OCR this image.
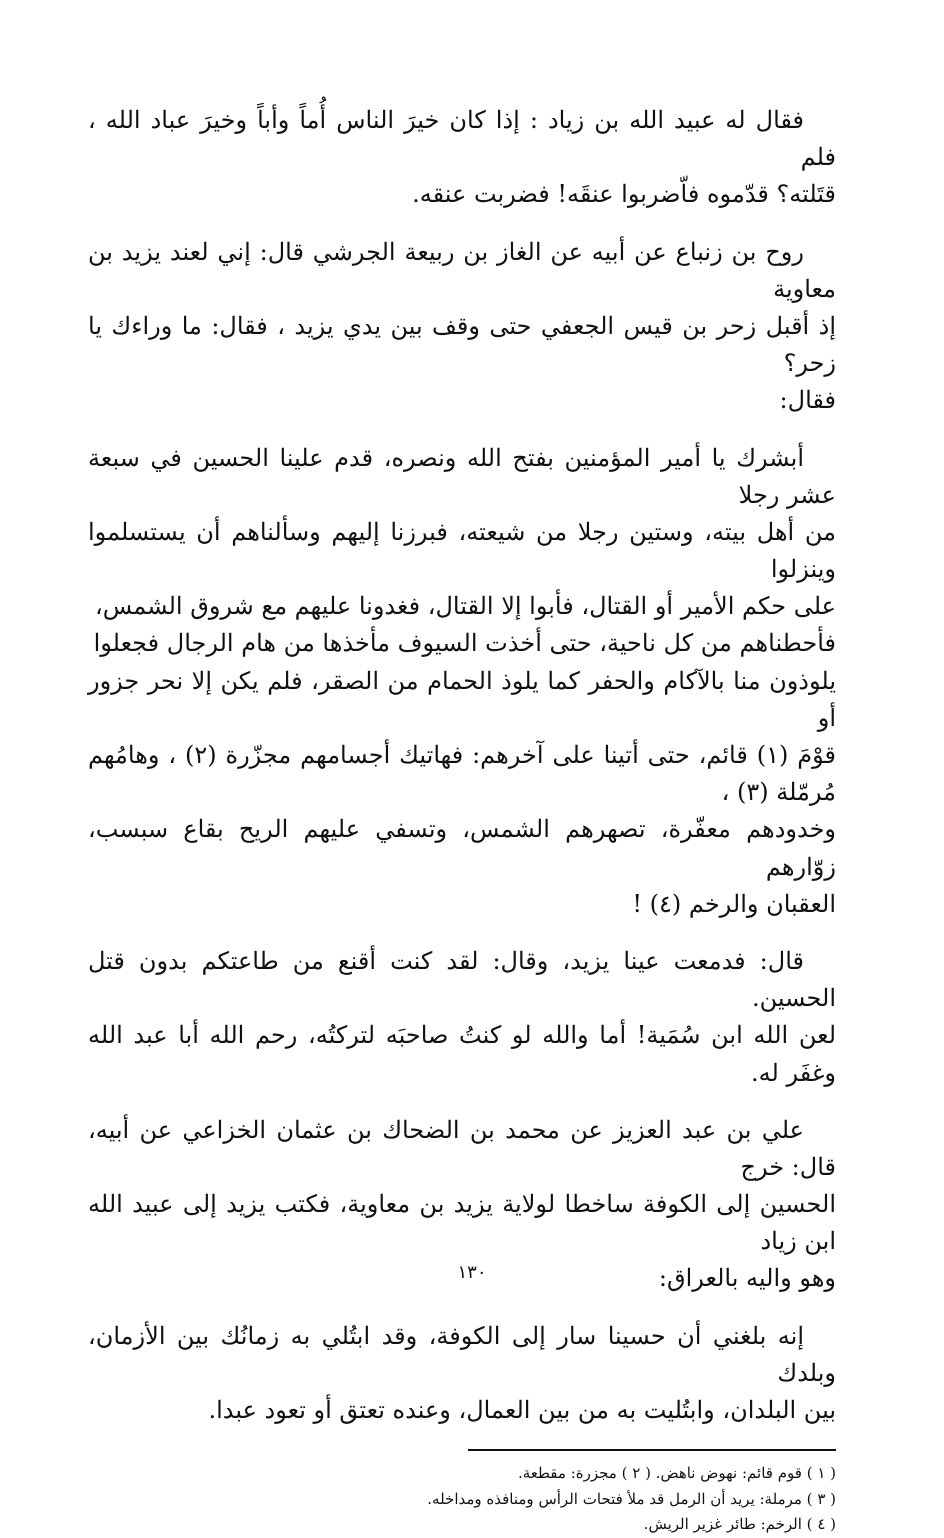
فقال له عبيد الله بن زياد : إذا كان خيرَ الناس أُماً وأباً وخيرَ عباد الله ، فلم
قتَلته؟ قدّموه فاّضربوا عنقَه! فضربت عنقه.

روح بن زنباع عن أبيه عن الغاز بن ربيعة الجرشي قال: إني لعند يزيد بن معاوية
إذ أقبل زحر بن قيس الجعفي حتى وقف بين يدي يزيد ، فقال: ما وراءك يا زحر؟
فقال:

أبشرك يا أمير المؤمنين بفتح الله ونصره، قدم علينا الحسين في سبعة عشر رجلا
من أهل بيته، وستين رجلا من شيعته، فبرزنا إليهم وسألناهم أن يستسلموا وينزلوا
على حكم الأمير أو القتال، فأبوا إلا القتال، فغدونا عليهم مع شروق الشمس،
فأحطناهم من كل ناحية، حتى أخذت السيوف مأخذها من هام الرجال فجعلوا
يلوذون منا بالآكام والحفر كما يلوذ الحمام من الصقر، فلم يكن إلا نحر جزور أو
قوْمَ (١) قائم، حتى أتينا على آخرهم: فهاتيك أجسامهم مجزّرة (٢) ، وهامُهم مُرمّلة (٣) ،
وخدودهم معفّرة، تصهرهم الشمس، وتسفي عليهم الريح بقاع سبسب، زوّارهم
العقبان والرخم (٤) !

قال: فدمعت عينا يزيد، وقال: لقد كنت أقنع من طاعتكم بدون قتل الحسين.
لعن الله ابن سُمَية! أما والله لو كنتُ صاحبَه لتركتُه، رحم الله أبا عبد الله وغفَر له.

علي بن عبد العزيز عن محمد بن الضحاك بن عثمان الخزاعي عن أبيه، قال: خرج
الحسين إلى الكوفة ساخطا لولاية يزيد بن معاوية، فكتب يزيد إلى عبيد الله ابن زياد
وهو واليه بالعراق:

إنه بلغني أن حسينا سار إلى الكوفة، وقد ابتُلي به زمانُك بين الأزمان، وبلدك
بين البلدان، وابتُليت به من بين العمال، وعنده تعتق أو تعود عبدا.

( ١ ) قوم قائم: نهوض ناهض. ( ٢ ) مجزرة: مقطعة.
( ٣ ) مرملة: يريد أن الرمل قد ملأ فتحات الرأس ومنافذه ومداخله.
( ٤ ) الرخم: طائر غزير الريش.
١٣٠
